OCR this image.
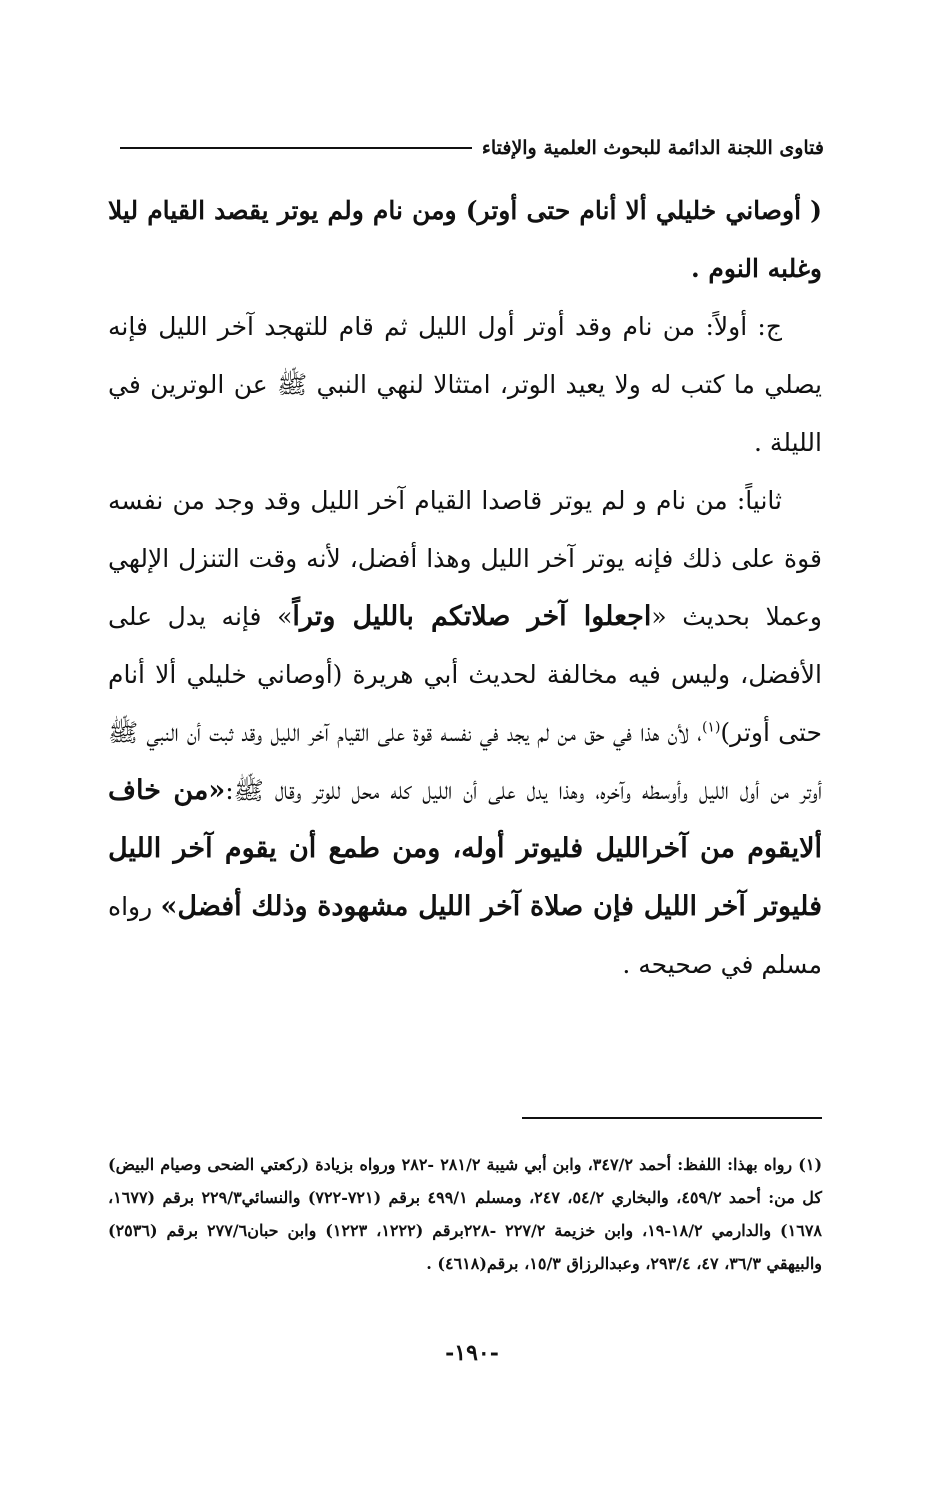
فتاوى اللجنة الدائمة للبحوث العلمية والإفتاء

( أوصاني خليلي ألا أنام حتى أوتر) ومن نام ولم يوتر يقصد القيام ليلا وغلبه النوم .

ج: أولاً: من نام وقد أوتر أول الليل ثم قام للتهجد آخر الليل فإنه يصلي ما كتب له ولا يعيد الوتر، امتثالا لنهي النبي ﷺ عن الوترين في الليلة .

ثانياً: من نام و لم يوتر قاصدا القيام آخر الليل وقد وجد من نفسه قوة على ذلك فإنه يوتر آخر الليل وهذا أفضل، لأنه وقت التنزل الإلهي وعملا بحديث «اجعلوا آخر صلاتكم بالليل وتراً» فإنه يدل على الأفضل، وليس فيه مخالفة لحديث أبي هريرة (أوصاني خليلي ألا أنام حتى أوتر)$^{(١)}$، لأن هذا في حق من لم يجد في نفسه قوة على القيام آخر الليل وقد ثبت أن النبي ﷺ أوتر من أول الليل وأوسطه وآخره، وهذا يدل على أن الليل كله محل للوتر وقال ﷺ:«من خاف ألايقوم من آخرالليل فليوتر أوله، ومن طمع أن يقوم آخر الليل فليوتر آخر الليل فإن صلاة آخر الليل مشهودة وذلك أفضل» رواه مسلم في صحيحه .

(١) رواه بهذا: اللفظ: أحمد ٣٤٧/٢، وابن أبي شيبة ٢٨١/٢ -٢٨٢ ورواه بزيادة (ركعتي الضحى وصيام البيض) كل من: أحمد ٤٥٩/٢، والبخاري ٥٤/٢، ٢٤٧، ومسلم ٤٩٩/١ برقم (٧٢١-٧٢٢) والنسائي٢٢٩/٣ برقم (١٦٧٧، ١٦٧٨) والدارمي ١٨/٢-١٩، وابن خزيمة ٢٢٧/٢ -٢٢٨برقم (١٢٢٢، ١٢٢٣) وابن حبان٢٧٧/٦ برقم (٢٥٣٦) والبيهقي ٣٦/٣، ٤٧، ٢٩٣/٤، وعبدالرزاق ١٥/٣، برقم(٤٦١٨) .

-١٩٠-
